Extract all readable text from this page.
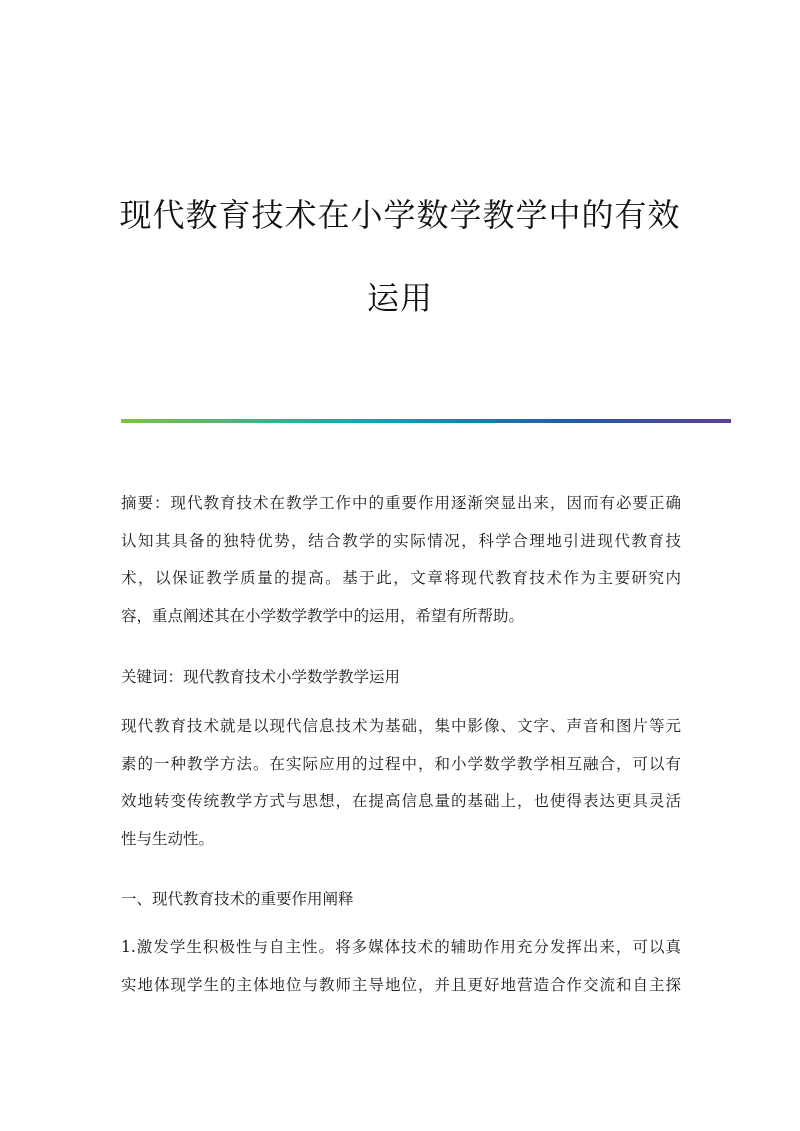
现代教育技术在小学数学教学中的有效
运用
摘要：现代教育技术在教学工作中的重要作用逐渐突显出来，因而有必要正确
认知其具备的独特优势，结合教学的实际情况，科学合理地引进现代教育技
术，以保证教学质量的提高。基于此，文章将现代教育技术作为主要研究内
容，重点阐述其在小学数学教学中的运用，希望有所帮助。
关键词：现代教育技术小学数学教学运用
现代教育技术就是以现代信息技术为基础，集中影像、文字、声音和图片等元
素的一种教学方法。在实际应用的过程中，和小学数学教学相互融合，可以有
效地转变传统教学方式与思想，在提高信息量的基础上，也使得表达更具灵活
性与生动性。
一、现代教育技术的重要作用阐释
1.激发学生积极性与自主性。将多媒体技术的辅助作用充分发挥出来，可以真
实地体现学生的主体地位与教师主导地位，并且更好地营造合作交流和自主探
